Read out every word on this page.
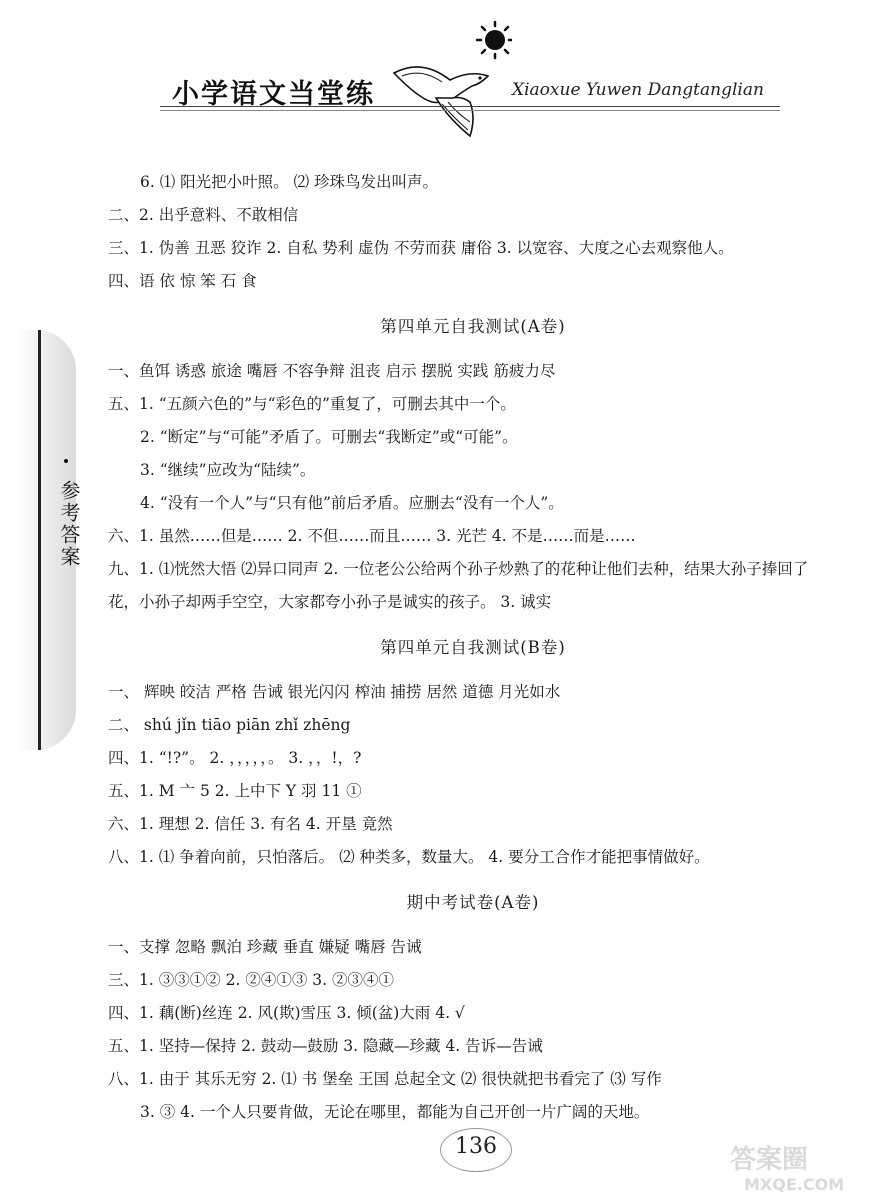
小学语文当堂练	Xiaoxue Yuwen Dangtanglian
参考答案
6. ⑴ 阳光把小叶照。 ⑵ 珍珠鸟发出叫声。
二、2. 出乎意料、不敢相信
三、1. 伪善 丑恶 狡诈 2. 自私 势利 虚伪 不劳而获 庸俗 3. 以宽容、大度之心去观察他人。
四、语 依 惊 笨 石 食
第四单元自我测试(A卷)
一、鱼饵 诱惑 旅途 嘴唇 不容争辩 沮丧 启示 摆脱 实践 筋疲力尽
五、1. “五颜六色的”与“彩色的”重复了，可删去其中一个。
2. “断定”与“可能”矛盾了。可删去“我断定”或“可能”。
3. “继续”应改为“陆续”。
4. “没有一个人”与“只有他”前后矛盾。应删去“没有一个人”。
六、1. 虽然……但是…… 2. 不但……而且…… 3. 光芒 4. 不是……而是……
九、1. ⑴恍然大悟 ⑵异口同声 2. 一位老公公给两个孙子炒熟了的花种让他们去种，结果大孙子捧回了花，小孙子却两手空空，大家都夸小孙子是诚实的孩子。 3. 诚实
第四单元自我测试(B卷)
一、 辉映 皎洁 严格 告诫 银光闪闪 榨油 捕捞 居然 道德 月光如水
二、 shú jǐn tiāo piān zhǐ zhēng
四、1. “!?”。 2. ，，，，，。 3. ，，!，?
五、1. M 亠 5 2. 上中下 Y 羽 11 ①
六、1. 理想 2. 信任 3. 有名 4. 开垦 竟然
八、1. ⑴ 争着向前，只怕落后。 ⑵ 种类多，数量大。 4. 要分工合作才能把事情做好。
期中考试卷(A卷)
一、支撑 忽略 飘泊 珍藏 垂直 嫌疑 嘴唇 告诫
三、1. ③③①② 2. ②④①③ 3. ②③④①
四、1. 藕(断)丝连 2. 风(欺)雪压 3. 倾(盆)大雨 4. √
五、1. 坚持—保持 2. 鼓动—鼓励 3. 隐藏—珍藏 4. 告诉—告诫
八、1. 由于 其乐无穷 2. ⑴ 书 堡垒 王国 总起全文 ⑵ 很快就把书看完了 ⑶ 写作
3. ③ 4. 一个人只要肯做，无论在哪里，都能为自己开创一片广阔的天地。
136	答案圈
MXQE.COM
